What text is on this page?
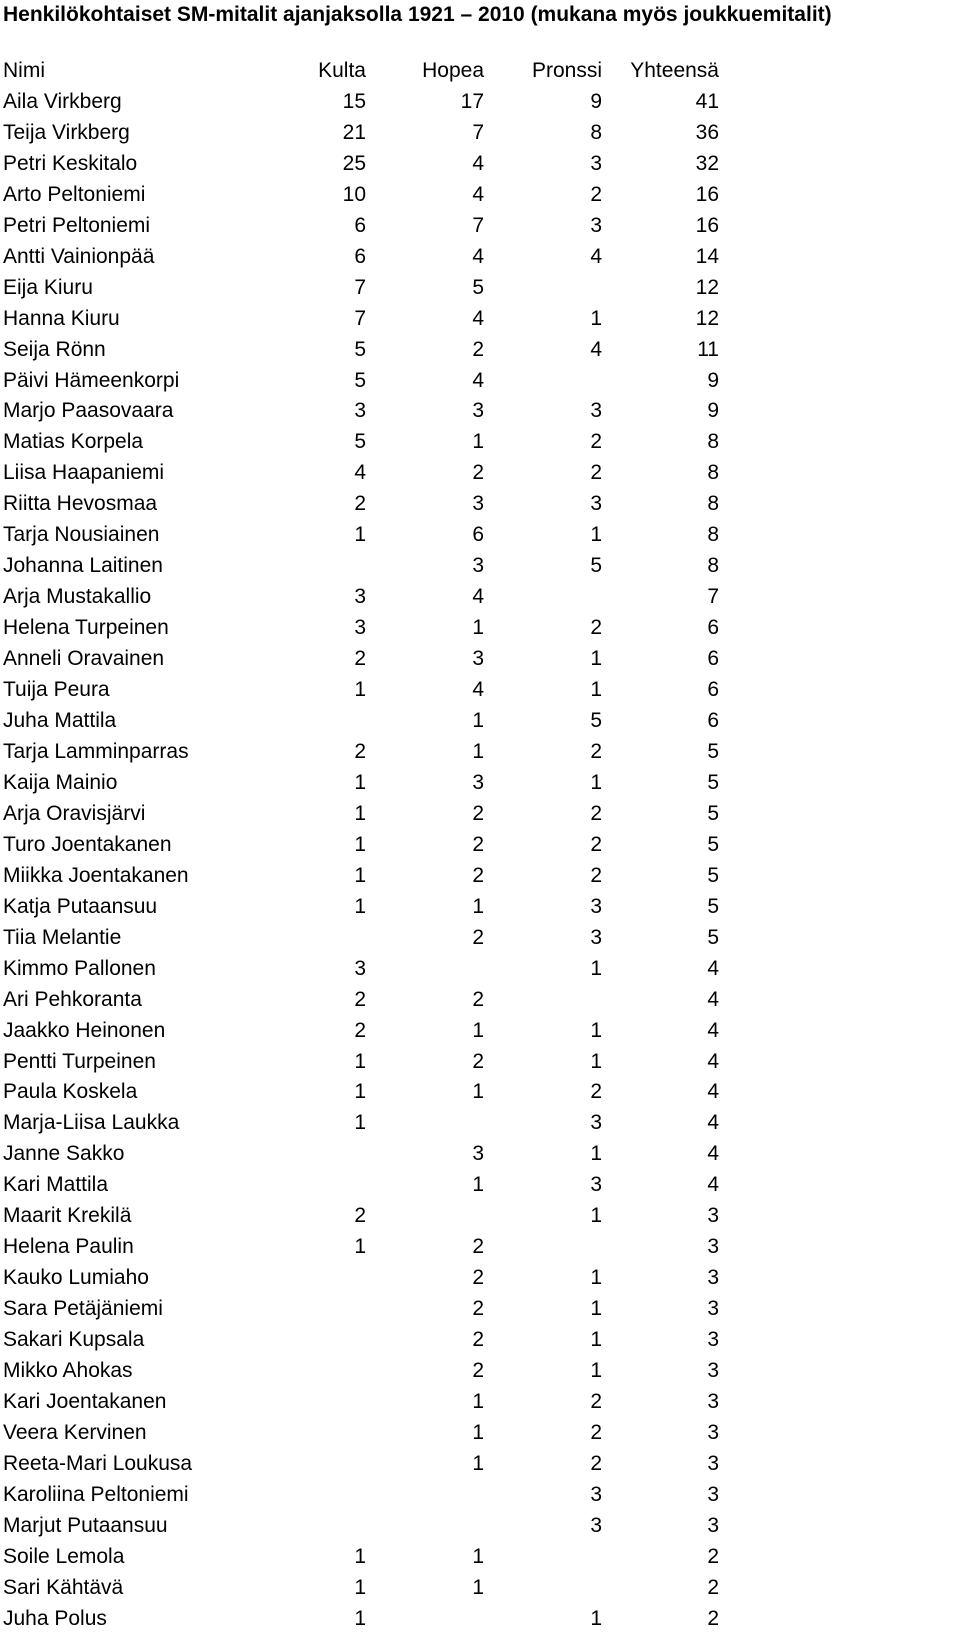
Henkilökohtaiset SM-mitalit ajanjaksolla 1921 – 2010 (mukana myös joukkuemitalit)
Nimi	Kulta	Hopea	Pronssi	Yhteensä
Aila Virkberg	15	17	9	41
Teija Virkberg	21	7	8	36
Petri Keskitalo	25	4	3	32
Arto Peltoniemi	10	4	2	16
Petri Peltoniemi	6	7	3	16
Antti Vainionpää	6	4	4	14
Eija Kiuru	7	5		12
Hanna Kiuru	7	4	1	12
Seija Rönn	5	2	4	11
Päivi Hämeenkorpi	5	4		9
Marjo Paasovaara	3	3	3	9
Matias Korpela	5	1	2	8
Liisa Haapaniemi	4	2	2	8
Riitta Hevosmaa	2	3	3	8
Tarja Nousiainen	1	6	1	8
Johanna Laitinen		3	5	8
Arja Mustakallio	3	4		7
Helena Turpeinen	3	1	2	6
Anneli Oravainen	2	3	1	6
Tuija Peura	1	4	1	6
Juha Mattila		1	5	6
Tarja Lamminparras	2	1	2	5
Kaija Mainio	1	3	1	5
Arja Oravisjärvi	1	2	2	5
Turo Joentakanen	1	2	2	5
Miikka Joentakanen	1	2	2	5
Katja Putaansuu	1	1	3	5
Tiia Melantie		2	3	5
Kimmo Pallonen	3		1	4
Ari Pehkoranta	2	2		4
Jaakko Heinonen	2	1	1	4
Pentti Turpeinen	1	2	1	4
Paula Koskela	1	1	2	4
Marja-Liisa Laukka	1		3	4
Janne Sakko		3	1	4
Kari Mattila		1	3	4
Maarit Krekilä	2		1	3
Helena Paulin	1	2		3
Kauko Lumiaho		2	1	3
Sara Petäjäniemi		2	1	3
Sakari Kupsala		2	1	3
Mikko Ahokas		2	1	3
Kari Joentakanen		1	2	3
Veera Kervinen		1	2	3
Reeta-Mari Loukusa		1	2	3
Karoliina Peltoniemi			3	3
Marjut Putaansuu			3	3
Soile Lemola	1	1		2
Sari Kähtävä	1	1		2
Juha Polus	1		1	2
